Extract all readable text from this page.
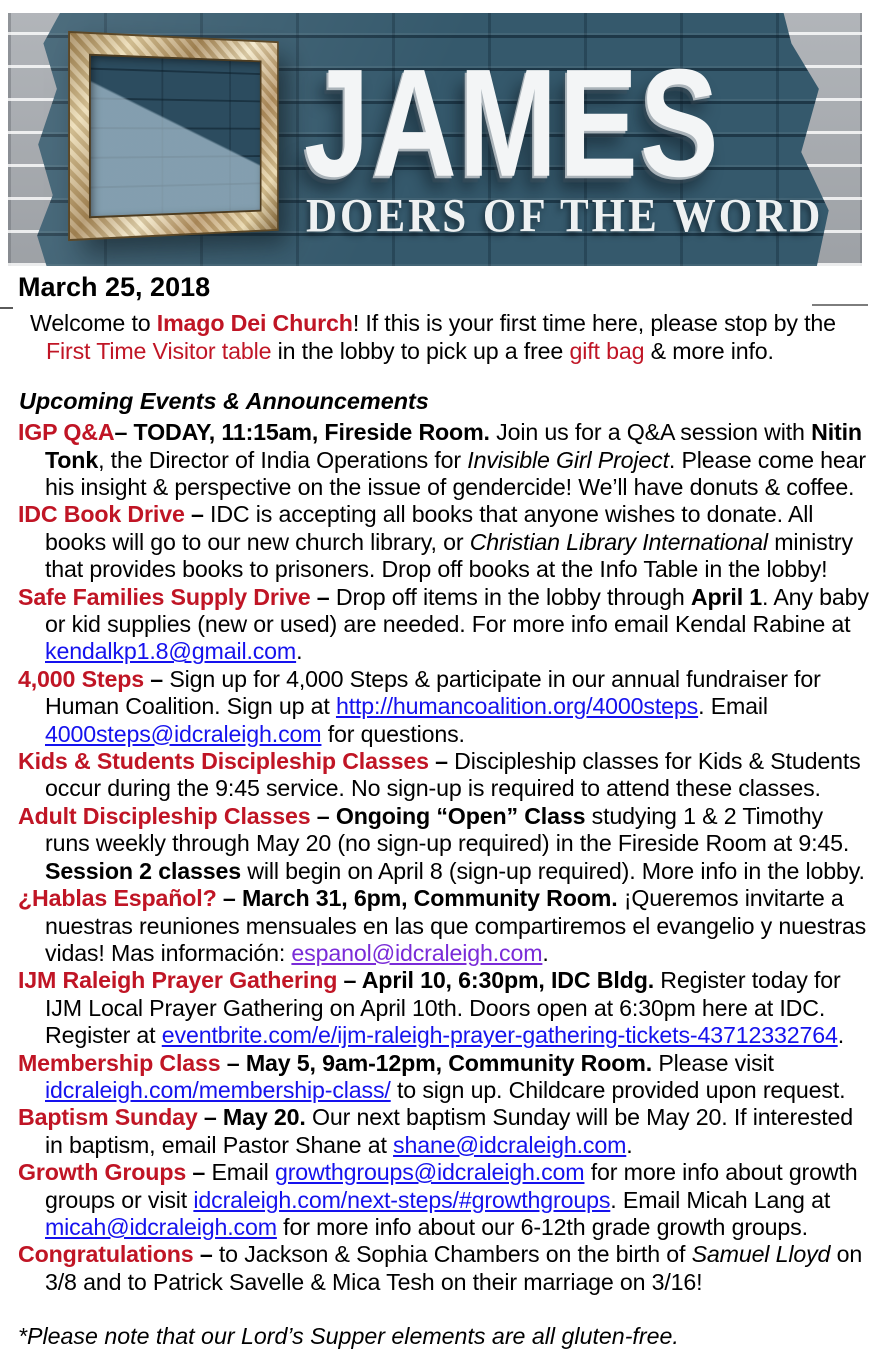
JAMES
DOERS OF THE WORD
March 25, 2018

Welcome to Imago Dei Church! If this is your first time here, please stop by the First Time Visitor table in the lobby to pick up a free gift bag & more info.

Upcoming Events & Announcements

IGP Q&A– TODAY, 11:15am, Fireside Room. Join us for a Q&A session with Nitin Tonk, the Director of India Operations for Invisible Girl Project. Please come hear his insight & perspective on the issue of gendercide! We’ll have donuts & coffee.

IDC Book Drive – IDC is accepting all books that anyone wishes to donate. All books will go to our new church library, or Christian Library International ministry that provides books to prisoners. Drop off books at the Info Table in the lobby!

Safe Families Supply Drive – Drop off items in the lobby through April 1. Any baby or kid supplies (new or used) are needed. For more info email Kendal Rabine at kendalkp1.8@gmail.com.

4,000 Steps – Sign up for 4,000 Steps & participate in our annual fundraiser for Human Coalition. Sign up at http://humancoalition.org/4000steps. Email 4000steps@idcraleigh.com for questions.

Kids & Students Discipleship Classes – Discipleship classes for Kids & Students occur during the 9:45 service. No sign-up is required to attend these classes.

Adult Discipleship Classes – Ongoing “Open” Class studying 1 & 2 Timothy runs weekly through May 20 (no sign-up required) in the Fireside Room at 9:45. Session 2 classes will begin on April 8 (sign-up required). More info in the lobby.

¿Hablas Español? – March 31, 6pm, Community Room. ¡Queremos invitarte a nuestras reuniones mensuales en las que compartiremos el evangelio y nuestras vidas! Mas información: espanol@idcraleigh.com.

IJM Raleigh Prayer Gathering – April 10, 6:30pm, IDC Bldg. Register today for IJM Local Prayer Gathering on April 10th. Doors open at 6:30pm here at IDC. Register at eventbrite.com/e/ijm-raleigh-prayer-gathering-tickets-43712332764.

Membership Class – May 5, 9am-12pm, Community Room. Please visit idcraleigh.com/membership-class/ to sign up. Childcare provided upon request.

Baptism Sunday – May 20. Our next baptism Sunday will be May 20. If interested in baptism, email Pastor Shane at shane@idcraleigh.com.

Growth Groups – Email growthgroups@idcraleigh.com for more info about growth groups or visit idcraleigh.com/next-steps/#growthgroups. Email Micah Lang at micah@idcraleigh.com for more info about our 6-12th grade growth groups.

Congratulations – to Jackson & Sophia Chambers on the birth of Samuel Lloyd on 3/8 and to Patrick Savelle & Mica Tesh on their marriage on 3/16!

*Please note that our Lord’s Supper elements are all gluten-free.
